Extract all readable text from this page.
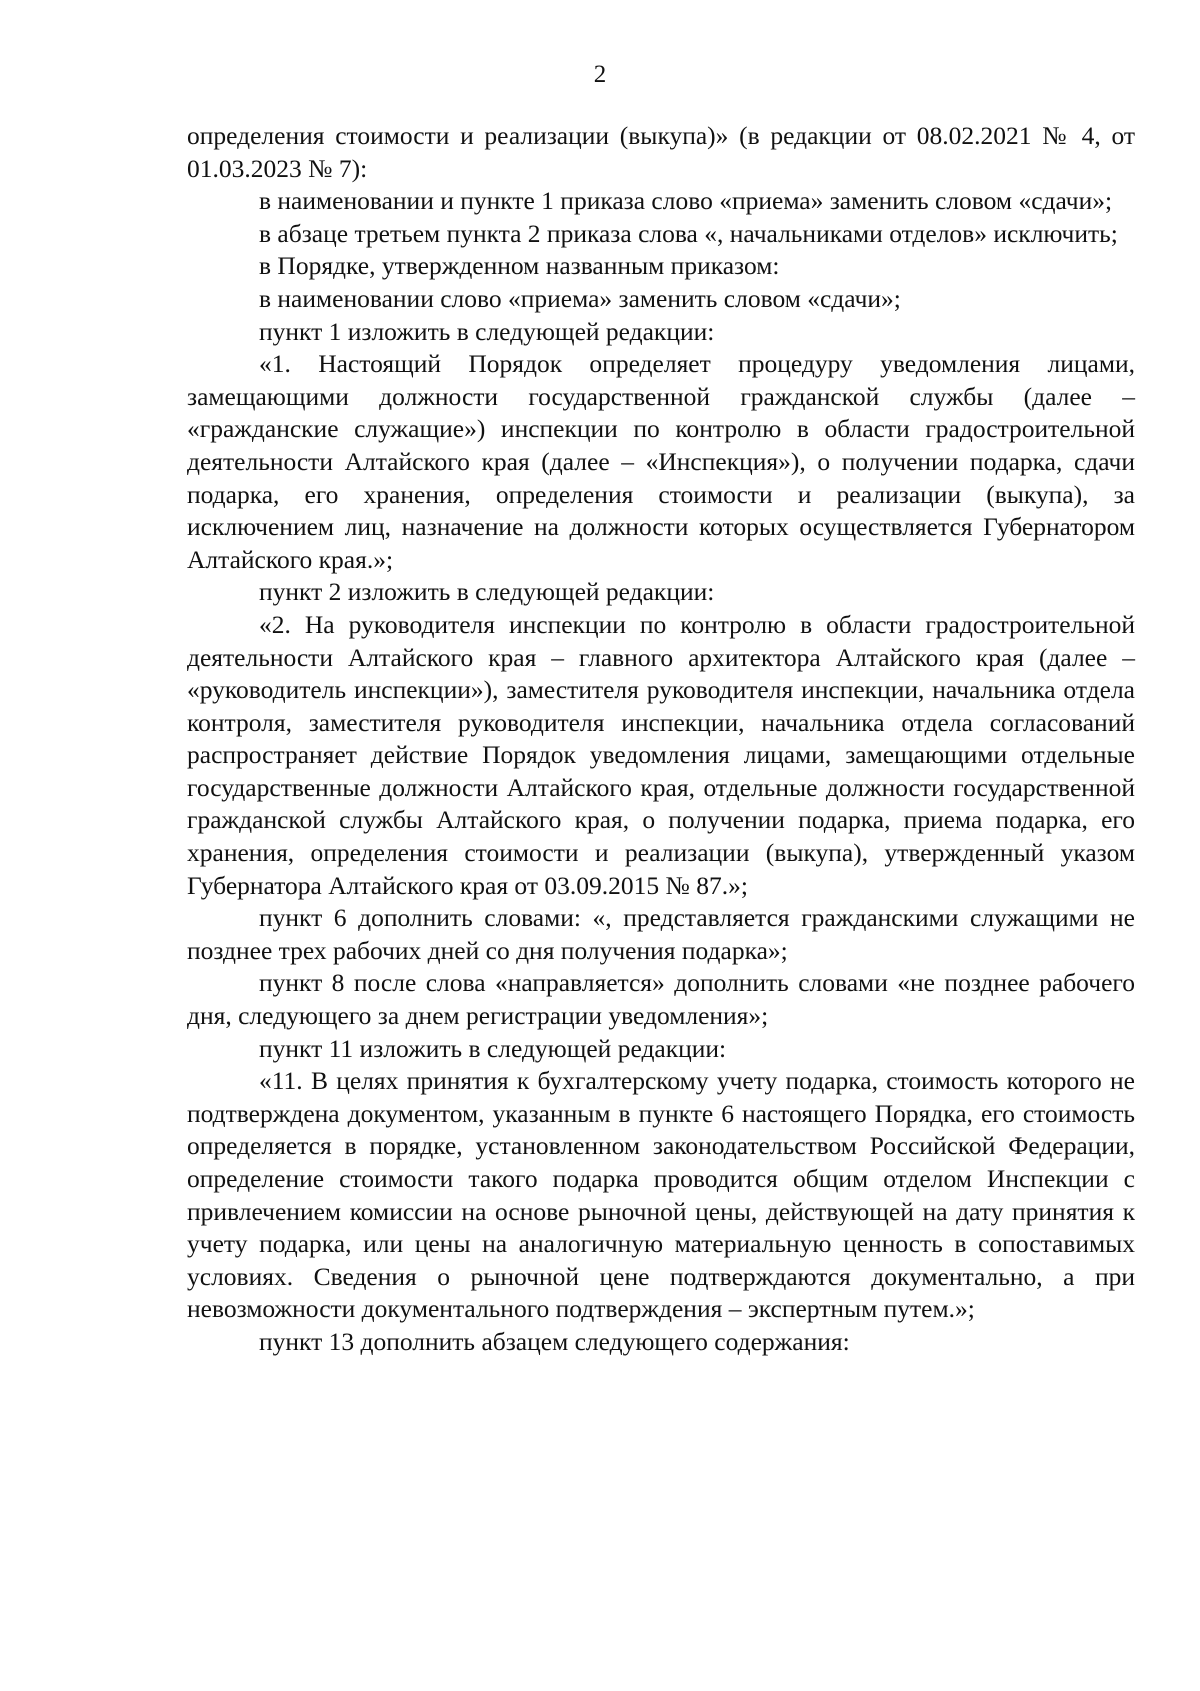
2

определения стоимости и реализации (выкупа)» (в редакции от 08.02.2021 № 4, от 01.03.2023 № 7):

в наименовании и пункте 1 приказа слово «приема» заменить словом «сдачи»;

в абзаце третьем пункта 2 приказа слова «, начальниками отделов» исключить;

в Порядке, утвержденном названным приказом:

в наименовании слово «приема» заменить словом «сдачи»;

пункт 1 изложить в следующей редакции:

«1. Настоящий Порядок определяет процедуру уведомления лицами, замещающими должности государственной гражданской службы (далее – «гражданские служащие») инспекции по контролю в области градостроительной деятельности Алтайского края (далее – «Инспекция»), о получении подарка, сдачи подарка, его хранения, определения стоимости и реализации (выкупа), за исключением лиц, назначение на должности которых осуществляется Губернатором Алтайского края.»;

пункт 2 изложить в следующей редакции:

«2. На руководителя инспекции по контролю в области градостроительной деятельности Алтайского края – главного архитектора Алтайского края (далее – «руководитель инспекции»), заместителя руководителя инспекции, начальника отдела контроля, заместителя руководителя инспекции, начальника отдела согласований распространяет действие Порядок уведомления лицами, замещающими отдельные государственные должности Алтайского края, отдельные должности государственной гражданской службы Алтайского края, о получении подарка, приема подарка, его хранения, определения стоимости и реализации (выкупа), утвержденный указом Губернатора Алтайского края от 03.09.2015 № 87.»;

пункт 6 дополнить словами: «, представляется гражданскими служащими не позднее трех рабочих дней со дня получения подарка»;

пункт 8 после слова «направляется» дополнить словами «не позднее рабочего дня, следующего за днем регистрации уведомления»;

пункт 11 изложить в следующей редакции:

«11. В целях принятия к бухгалтерскому учету подарка, стоимость которого не подтверждена документом, указанным в пункте 6 настоящего Порядка, его стоимость определяется в порядке, установленном законодательством Российской Федерации, определение стоимости такого подарка проводится общим отделом Инспекции с привлечением комиссии на основе рыночной цены, действующей на дату принятия к учету подарка, или цены на аналогичную материальную ценность в сопоставимых условиях. Сведения о рыночной цене подтверждаются документально, а при невозможности документального подтверждения – экспертным путем.»;

пункт 13 дополнить абзацем следующего содержания:
